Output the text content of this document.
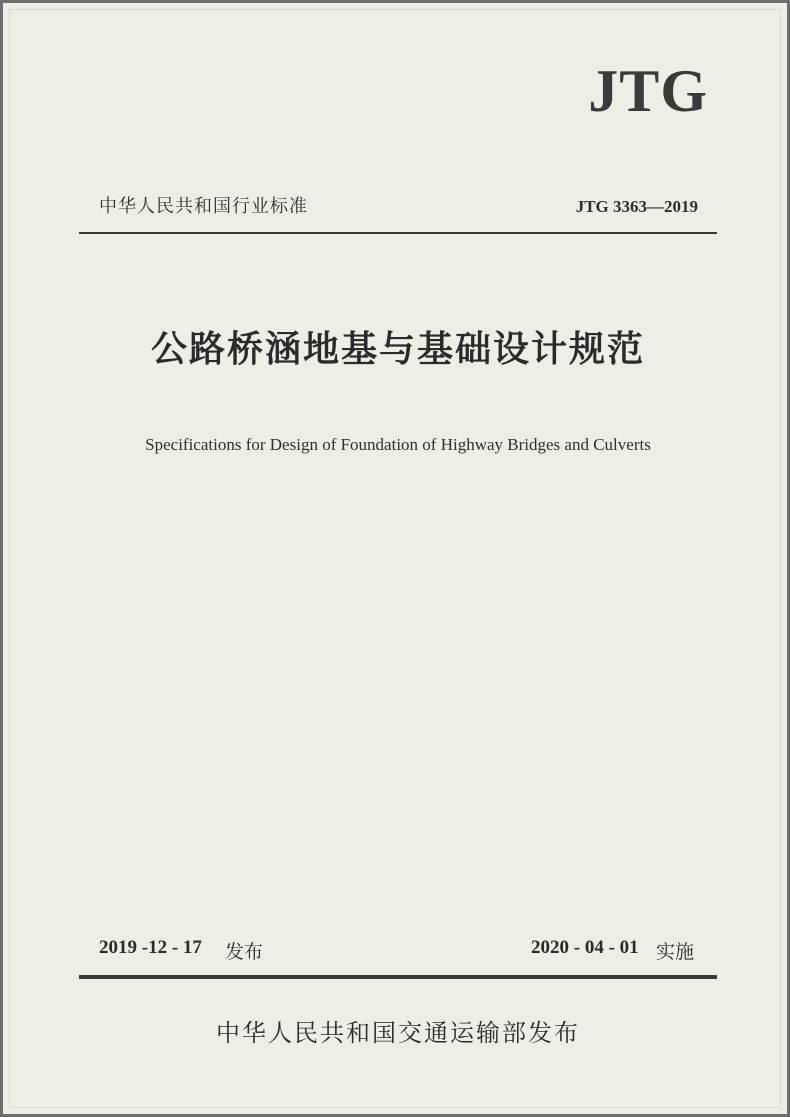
JTG
中华人民共和国行业标准	JTG 3363—2019
公路桥涵地基与基础设计规范
Specifications for Design of Foundation of Highway Bridges and Culverts
2019 -12 - 17 发布	2020 - 04 - 01 实施
中华人民共和国交通运输部发布
